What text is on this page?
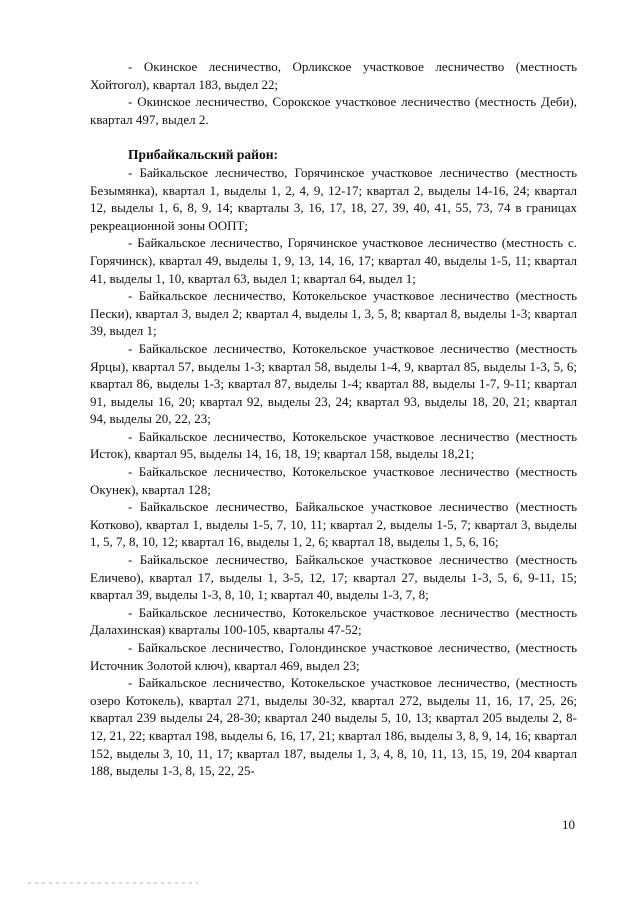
- Окинское лесничество, Орликское участковое лесничество (местность Хойтогол), квартал 183, выдел 22;

- Окинское лесничество, Сорокское участковое лесничество (местность Деби), квартал 497, выдел 2.

Прибайкальский район:

- Байкальское лесничество, Горячинское участковое лесничество (местность Безымянка), квартал 1, выделы 1, 2, 4, 9, 12-17; квартал 2, выделы 14-16, 24; квартал 12, выделы 1, 6, 8, 9, 14; кварталы 3, 16, 17, 18, 27, 39, 40, 41, 55, 73, 74 в границах рекреационной зоны ООПТ;

- Байкальское лесничество, Горячинское участковое лесничество (местность с. Горячинск), квартал 49, выделы 1, 9, 13, 14, 16, 17; квартал 40, выделы 1-5, 11; квартал 41, выделы 1, 10, квартал 63, выдел 1; квартал 64, выдел 1;

- Байкальское лесничество, Котокельское участковое лесничество (местность Пески), квартал 3, выдел 2; квартал 4, выделы 1, 3, 5, 8; квартал 8, выделы 1-3; квартал 39, выдел 1;

- Байкальское лесничество, Котокельское участковое лесничество (местность Ярцы), квартал 57, выделы 1-3; квартал 58, выделы 1-4, 9, квартал 85, выделы 1-3, 5, 6; квартал 86, выделы 1-3; квартал 87, выделы 1-4; квартал 88, выделы 1-7, 9-11; квартал 91, выделы 16, 20; квартал 92, выделы 23, 24; квартал 93, выделы 18, 20, 21; квартал 94, выделы 20, 22, 23;

- Байкальское лесничество, Котокельское участковое лесничество (местность Исток), квартал 95, выделы 14, 16, 18, 19; квартал 158, выделы 18,21;

- Байкальское лесничество, Котокельское участковое лесничество (местность Окунек), квартал 128;

- Байкальское лесничество, Байкальское участковое лесничество (местность Котково), квартал 1, выделы 1-5, 7, 10, 11; квартал 2, выделы 1-5, 7; квартал 3, выделы 1, 5, 7, 8, 10, 12; квартал 16, выделы 1, 2, 6; квартал 18, выделы 1, 5, 6, 16;

- Байкальское лесничество, Байкальское участковое лесничество (местность Еличево), квартал 17, выделы 1, 3-5, 12, 17; квартал 27, выделы 1-3, 5, 6, 9-11, 15; квартал 39, выделы 1-3, 8, 10, 1; квартал 40, выделы 1-3, 7, 8;

- Байкальское лесничество, Котокельское участковое лесничество (местность Далахинская) кварталы 100-105, кварталы 47-52;

- Байкальское лесничество, Голондинское участковое лесничество, (местность Источник Золотой ключ), квартал 469, выдел 23;

- Байкальское лесничество, Котокельское участковое лесничество, (местность озеро Котокель), квартал 271, выделы 30-32, квартал 272, выделы 11, 16, 17, 25, 26; квартал 239 выделы 24, 28-30; квартал 240 выделы 5, 10, 13; квартал 205 выделы 2, 8-12, 21, 22; квартал 198, выделы 6, 16, 17, 21; квартал 186, выделы 3, 8, 9, 14, 16; квартал 152, выделы 3, 10, 11, 17; квартал 187, выделы 1, 3, 4, 8, 10, 11, 13, 15, 19, 204 квартал 188, выделы 1-3, 8, 15, 22, 25-

10
